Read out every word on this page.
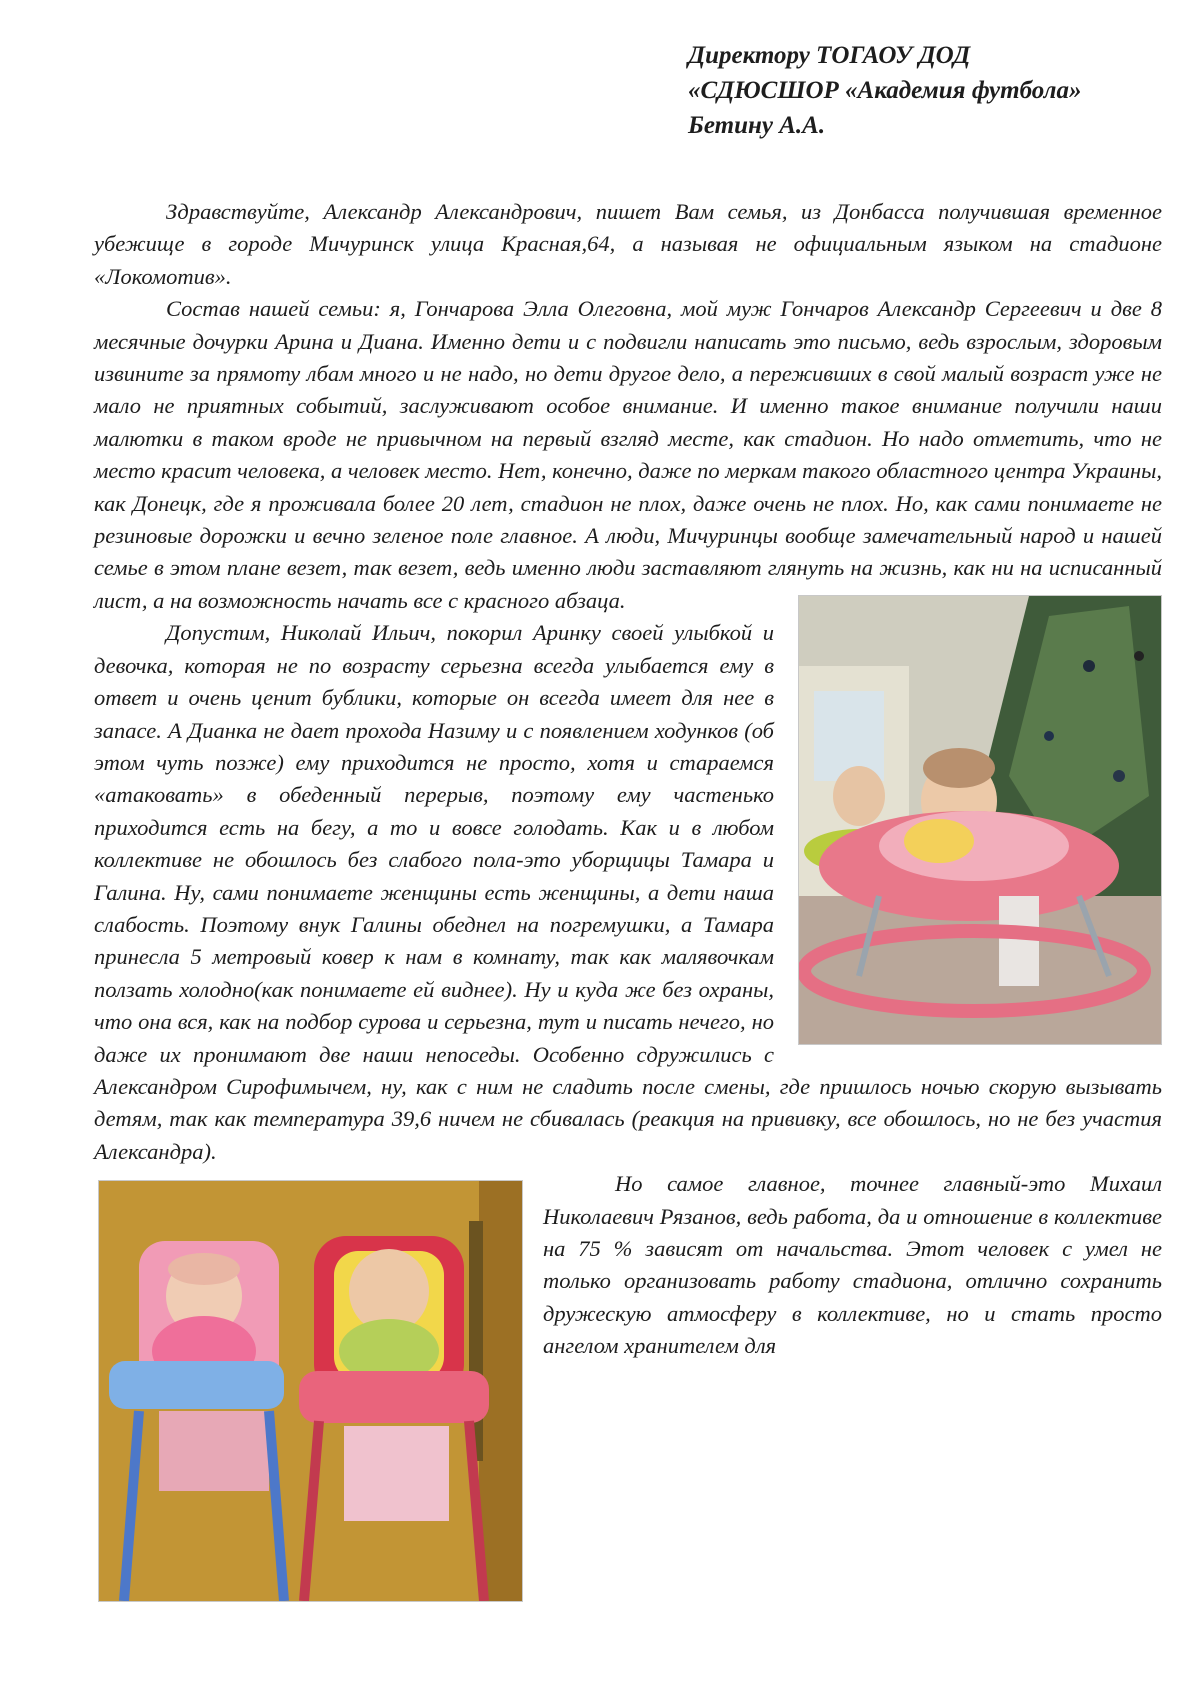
Директору ТОГАОУ ДОД
«СДЮСШОР «Академия футбола»
Бетину А.А.

Здравствуйте, Александр Александрович, пишет Вам семья, из Донбасса получившая временное убежище в городе Мичуринск улица Красная,64, а называя не официальным языком на стадионе «Локомотив».

Состав нашей семьи: я, Гончарова Элла Олеговна, мой муж Гончаров Александр Сергеевич и две 8 месячные дочурки Арина и Диана. Именно дети и с подвигли написать это письмо, ведь взрослым, здоровым извините за прямоту лбам много и не надо, но дети другое дело, а переживших в свой малый возраст уже не мало не приятных событий, заслуживают особое внимание. И именно такое внимание получили наши малютки в таком вроде не привычном на первый взгляд месте, как стадион. Но надо отметить, что не место красит человека, а человек место. Нет, конечно, даже по меркам такого областного центра Украины, как Донецк, где я проживала более 20 лет, стадион не плох, даже очень не плох. Но, как сами понимаете не резиновые дорожки и вечно зеленое поле главное. А люди, Мичуринцы вообще замечательный народ и нашей семье в этом плане везет, так везет, ведь именно люди заставляют глянуть на жизнь, как ни на исписанный лист, а на возможность начать все с красного абзаца.

Допустим, Николай Ильич, покорил Аринку своей улыбкой и девочка, которая не по возрасту серьезна всегда улыбается ему в ответ и очень ценит бублики, которые он всегда имеет для нее в запасе. А Дианка не дает прохода Назиму и с появлением ходунков (об этом чуть позже) ему приходится не просто, хотя и стараемся «атаковать» в обеденный перерыв, поэтому ему частенько приходится есть на бегу, а то и вовсе голодать. Как и в любом коллективе не обошлось без слабого пола-это уборщицы Тамара и Галина. Ну, сами понимаете женщины есть женщины, а дети наша слабость. Поэтому внук Галины обеднел на погремушки, а Тамара принесла 5 метровый ковер к нам в комнату, так как малявочкам ползать холодно(как понимаете ей виднее). Ну и куда же без охраны, что она вся, как на подбор сурова и серьезна, тут и писать нечего, но даже их пронимают две наши непоседы. Особенно сдружились с Александром Сирофимычем, ну, как с ним не сладить после смены, где пришлось ночью скорую вызывать детям, так как температура 39,6 ничем не сбивалась (реакция на прививку, все обошлось, но не без участия Александра).

Но самое главное, точнее главный-это Михаил Николаевич Рязанов, ведь работа, да и отношение в коллективе на 75 % зависят от начальства. Этот человек с умел не только организовать работу стадиона, отлично сохранить дружескую атмосферу в коллективе, но и стать просто ангелом хранителем для
